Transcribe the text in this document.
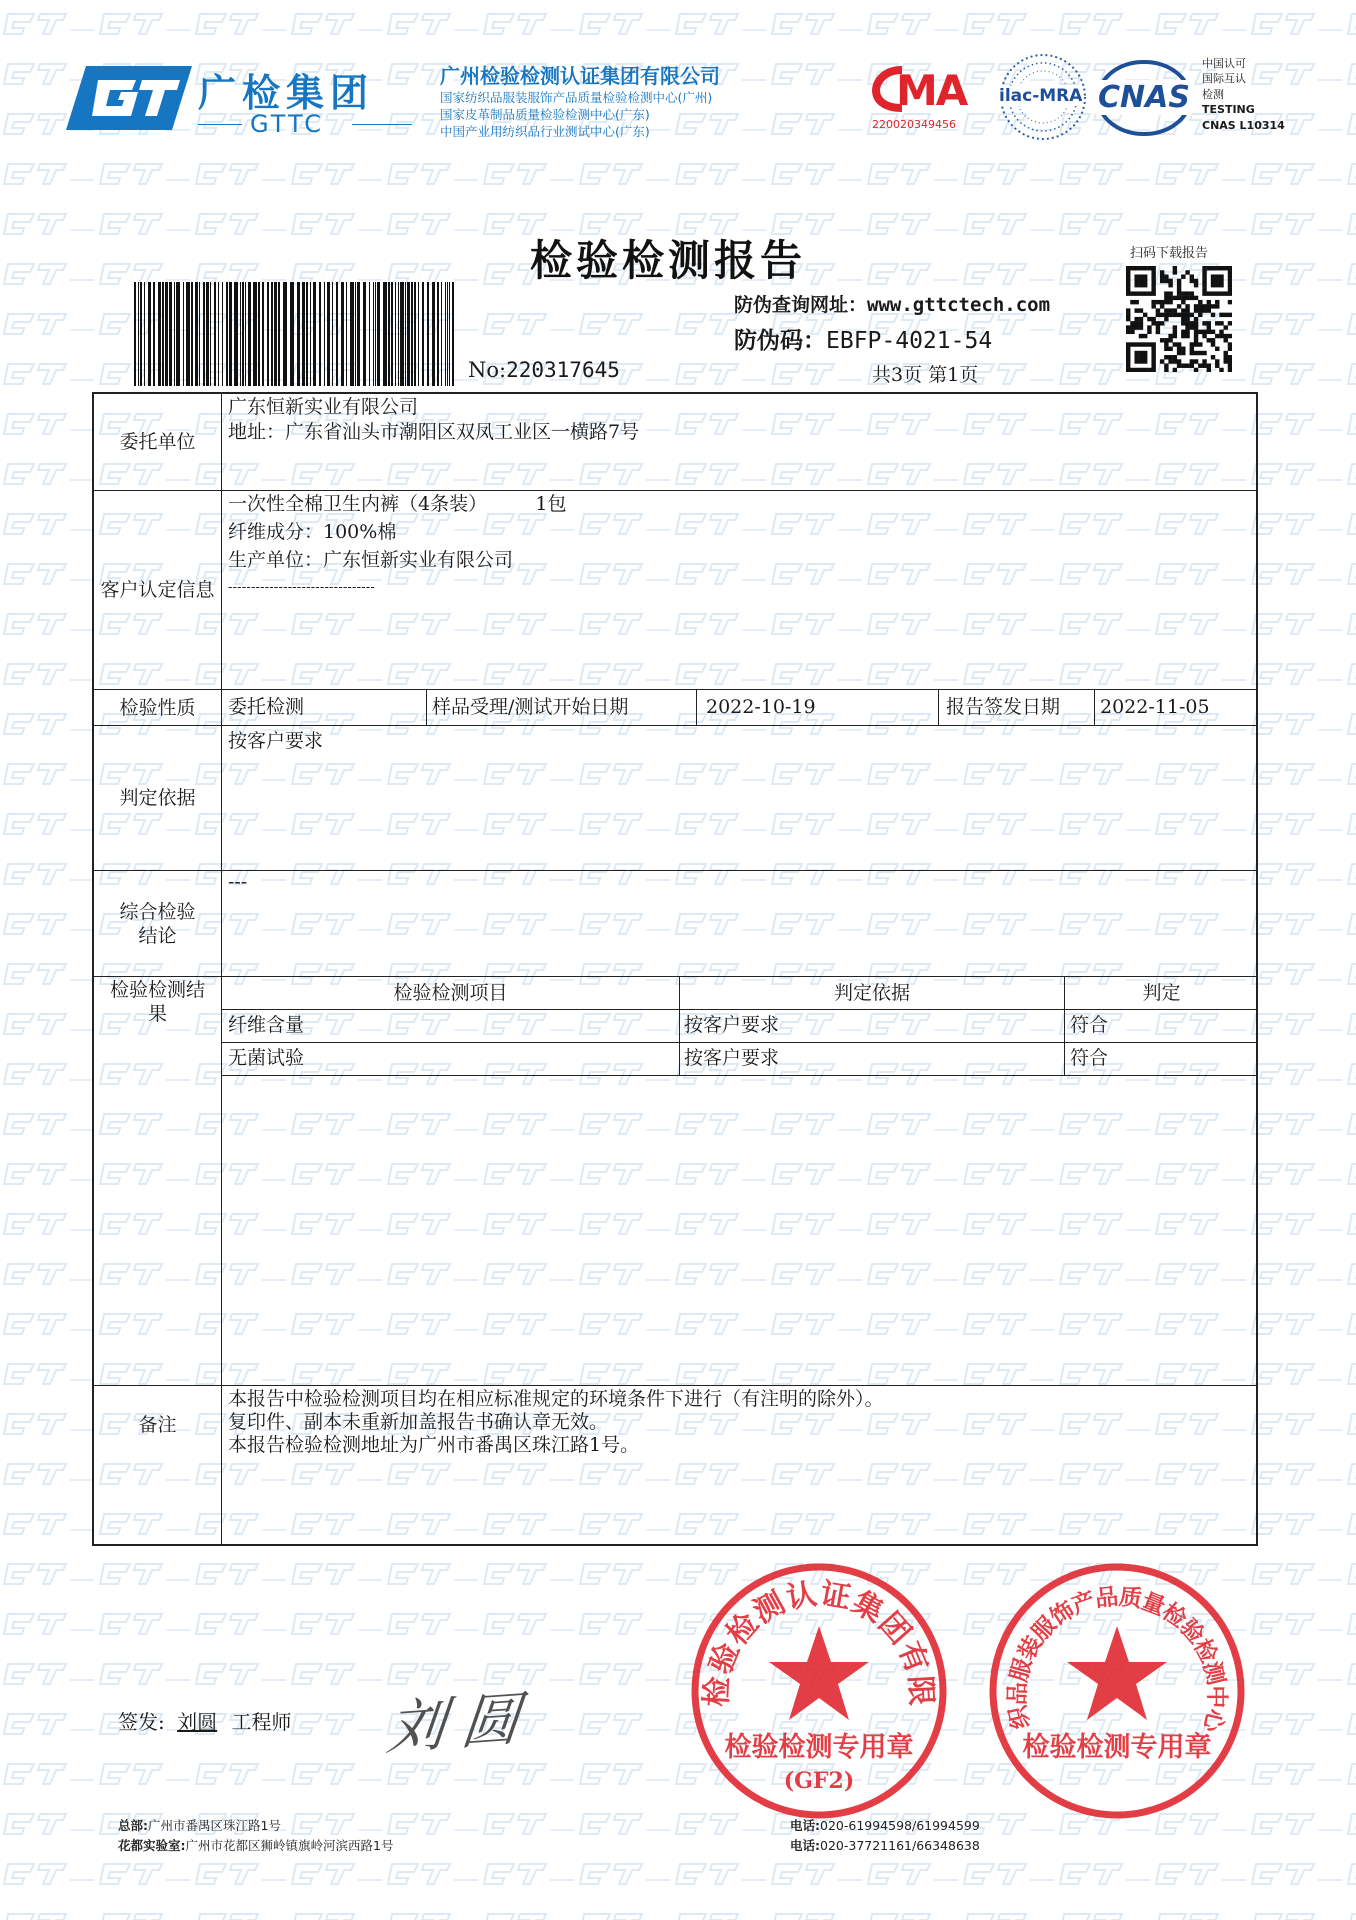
广检集团
GTTC
广州检验检测认证集团有限公司
国家纺织品服装服饰产品质量检验检测中心(广州)
国家皮革制品质量检验检测中心(广东)
中国产业用纺织品行业测试中心(广东)
MA
220020349456
ilac-MRA CNAS
中国认可
国际互认
检测
TESTING
CNAS L10314
检验检测报告	扫码下载报告
防伪查询网址：www.gttctech.com
防伪码：EBFP-4021-54
No:220317645	共3页 第1页
委托单位
广东恒新实业有限公司
地址：广东省汕头市潮阳区双凤工业区一横路7号
客户认定信息
一次性全棉卫生内裤（4条装）        1包
纤维成分：100%棉
生产单位：广东恒新实业有限公司
--------------------------------
检验性质	委托检测	样品受理/测试开始日期	2022-10-19	报告签发日期 2022-11-05
判定依据
按客户要求
综合检验结论
---
检验检测结果
检验检测项目	判定依据	判定
纤维含量	按客户要求	符合
无菌试验	按客户要求	符合
备注
本报告中检验检测项目均在相应标准规定的环境条件下进行（有注明的除外）。
复印件、副本未重新加盖报告书确认章无效。
本报告检验检测地址为广州市番禺区珠江路1号。
签发: 刘圆 工程师 刘圆	检验检测认证集团有限
检验检测专用章
(GF2)
织品服装服饰产品质量检验检测中心
检验检测专用章
总部:广州市番禺区珠江路1号
花都实验室:广州市花都区狮岭镇旗岭河滨西路1号
电话:020-61994598/61994599
电话:020-37721161/66348638
